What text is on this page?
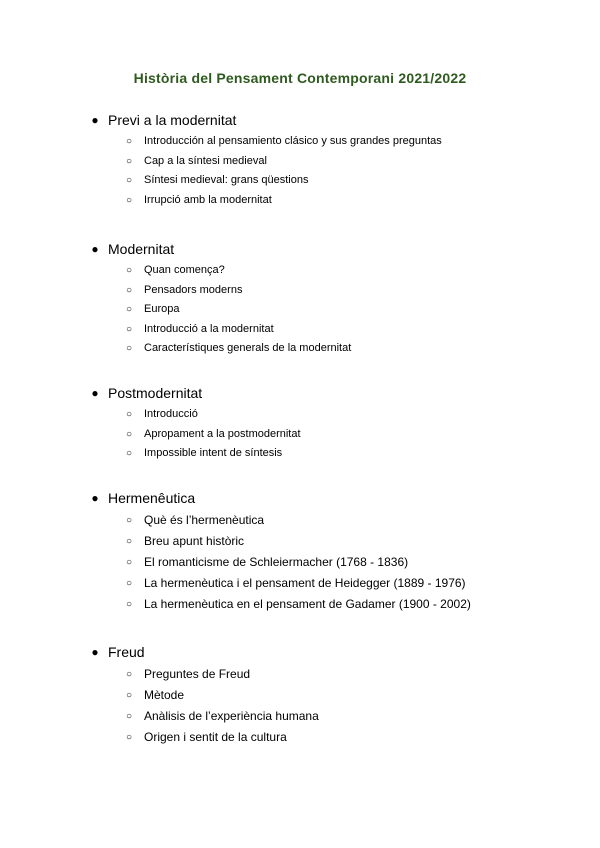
Història del Pensament Contemporani 2021/2022
● Previ a la modernitat
○ Introducción al pensamiento clásico y sus grandes preguntas
○ Cap a la síntesi medieval
○ Síntesi medieval: grans qüestions
○ Irrupció amb la modernitat
● Modernitat
○ Quan comença?
○ Pensadors moderns
○ Europa
○ Introducció a la modernitat
○ Característiques generals de la modernitat
● Postmodernitat
○ Introducció
○ Apropament a la postmodernitat
○ Impossible intent de síntesis
● Hermenêutica
○ Què és l’hermenèutica
○ Breu apunt històric
○ El romanticisme de Schleiermacher (1768 - 1836)
○ La hermenèutica i el pensament de Heidegger (1889 - 1976)
○ La hermenèutica en el pensament de Gadamer (1900 - 2002)
● Freud
○ Preguntes de Freud
○ Mètode
○ Anàlisis de l’experiència humana
○ Origen i sentit de la cultura
